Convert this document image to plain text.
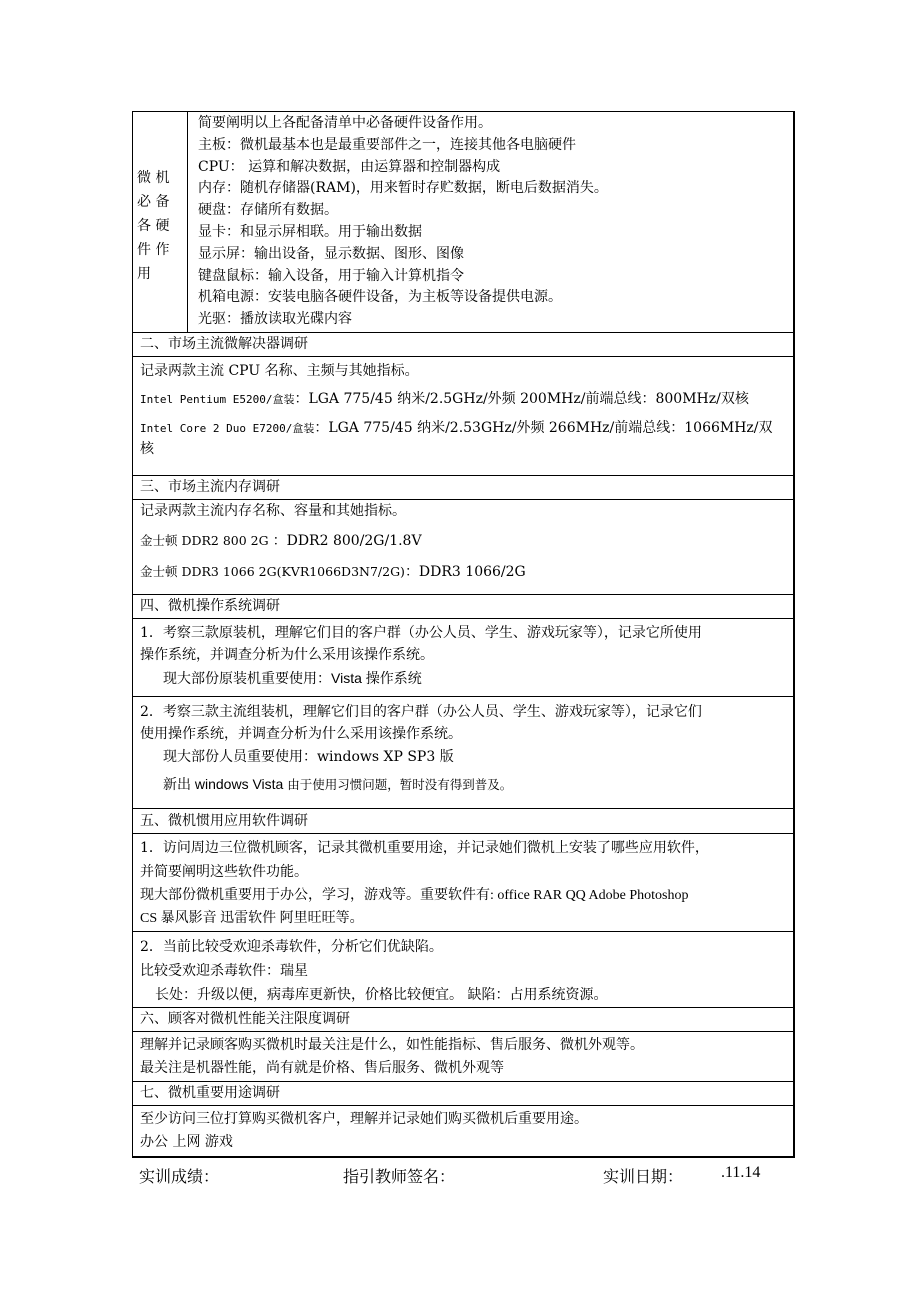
微 机
必 备
各 硬
件 作
用
简要阐明以上各配备清单中必备硬件设备作用。
主板：微机最基本也是最重要部件之一，连接其他各电脑硬件
CPU： 运算和解决数据，由运算器和控制器构成
内存：随机存储器(RAM)，用来暂时存贮数据，断电后数据消失。
硬盘：存储所有数据。
显卡：和显示屏相联。用于输出数据
显示屏：输出设备，显示数据、图形、图像
键盘鼠标：输入设备，用于输入计算机指令
机箱电源：安装电脑各硬件设备，为主板等设备提供电源。
光驱：播放读取光碟内容
二、市场主流微解决器调研
记录两款主流 CPU 名称、主频与其她指标。
Intel Pentium E5200/盒装：LGA 775/45 纳米/2.5GHz/外频 200MHz/前端总线：800MHz/双核
Intel Core 2 Duo E7200/盒装：LGA 775/45 纳米/2.53GHz/外频 266MHz/前端总线：1066MHz/双
核
三、市场主流内存调研
记录两款主流内存名称、容量和其她指标。
金士顿 DDR2 800 2G ：DDR2 800/2G/1.8V
金士顿 DDR3 1066 2G(KVR1066D3N7/2G)：DDR3 1066/2G
四、微机操作系统调研
1．考察三款原装机，理解它们目的客户群（办公人员、学生、游戏玩家等），记录它所使用
操作系统，并调查分析为什么采用该操作系统。
现大部份原装机重要使用：Vista 操作系统
2．考察三款主流组装机，理解它们目的客户群（办公人员、学生、游戏玩家等），记录它们
使用操作系统，并调查分析为什么采用该操作系统。
现大部份人员重要使用：windows XP SP3 版
新出 windows Vista 由于使用习惯问题，暂时没有得到普及。
五、微机惯用应用软件调研
1．访问周边三位微机顾客，记录其微机重要用途，并记录她们微机上安装了哪些应用软件，
并简要阐明这些软件功能。
现大部份微机重要用于办公，学习，游戏等。重要软件有: office RAR QQ Adobe Photoshop
CS 暴风影音 迅雷软件 阿里旺旺等。
2．当前比较受欢迎杀毒软件，分析它们优缺陷。
比较受欢迎杀毒软件：瑞星
长处：升级以便，病毒库更新快，价格比较便宜。 缺陷：占用系统资源。
六、顾客对微机性能关注限度调研
理解并记录顾客购买微机时最关注是什么，如性能指标、售后服务、微机外观等。
最关注是机器性能，尚有就是价格、售后服务、微机外观等
七、微机重要用途调研
至少访问三位打算购买微机客户，理解并记录她们购买微机后重要用途。
办公 上网 游戏
实训成绩：	指引教师签名：	实训日期： .11.14
